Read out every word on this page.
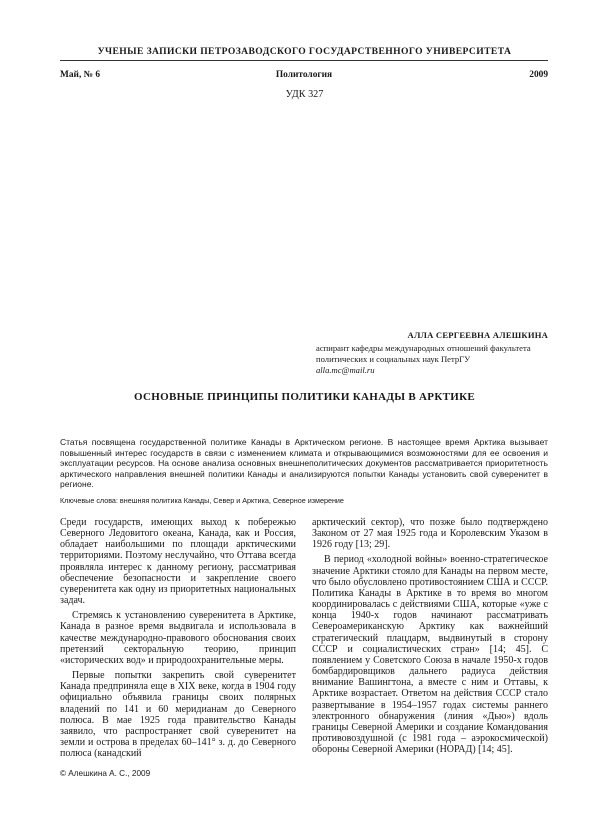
УЧЕНЫЕ ЗАПИСКИ ПЕТРОЗАВОДСКОГО ГОСУДАРСТВЕННОГО УНИВЕРСИТЕТА
Май, № 6	Политология	2009
УДК 327
АЛЛА СЕРГЕЕВНА АЛЕШКИНА
аспирант кафедры международных отношений факультета политических и социальных наук ПетрГУ
alla.mc@mail.ru
ОСНОВНЫЕ ПРИНЦИПЫ ПОЛИТИКИ КАНАДЫ В АРКТИКЕ
Статья посвящена государственной политике Канады в Арктическом регионе. В настоящее время Арктика вызывает повышенный интерес государств в связи с изменением климата и открывающимися возможностями для ее освоения и эксплуатации ресурсов. На основе анализа основных внешнеполитических документов рассматривается приоритетность арктического направления внешней политики Канады и анализируются попытки Канады установить свой суверенитет в регионе.
Ключевые слова: внешняя политика Канады, Север и Арктика, Северное измерение

Среди государств, имеющих выход к побережью Северного Ледовитого океана, Канада, как и Россия, обладает наибольшими по площади арктическими территориями. Поэтому неслучайно, что Оттава всегда проявляла интерес к данному региону, рассматривая обеспечение безопасности и закрепление своего суверенитета как одну из приоритетных национальных задач.

Стремясь к установлению суверенитета в Арктике, Канада в разное время выдвигала и использовала в качестве международно-правового обоснования своих претензий секторальную теорию, принцип «исторических вод» и природоохранительные меры.

Первые попытки закрепить свой суверенитет Канада предприняла еще в XIX веке, когда в 1904 году официально объявила границы своих полярных владений по 141 и 60 меридианам до Северного полюса. В мае 1925 года правительство Канады заявило, что распространяет свой суверенитет на земли и острова в пределах 60–141° з. д. до Северного полюса (канадский

арктический сектор), что позже было подтверждено Законом от 27 мая 1925 года и Королевским Указом в 1926 году [13; 29].

В период «холодной войны» военно-стратегическое значение Арктики стояло для Канады на первом месте, что было обусловлено противостоянием США и СССР. Политика Канады в Арктике в то время во многом координировалась с действиями США, которые «уже с конца 1940-х годов начинают рассматривать Североамериканскую Арктику как важнейший стратегический плацдарм, выдвинутый в сторону СССР и социалистических стран» [14; 45]. С появлением у Советского Союза в начале 1950-х годов бомбардировщиков дальнего радиуса действия внимание Вашингтона, а вместе с ним и Оттавы, к Арктике возрастает. Ответом на действия СССР стало развертывание в 1954–1957 годах системы раннего электронного обнаружения (линия «Дью») вдоль границы Северной Америки и создание Командования противовоздушной (с 1981 года – аэрокосмической) обороны Северной Америки (НОРАД) [14; 45].

© Алешкина А. С., 2009
